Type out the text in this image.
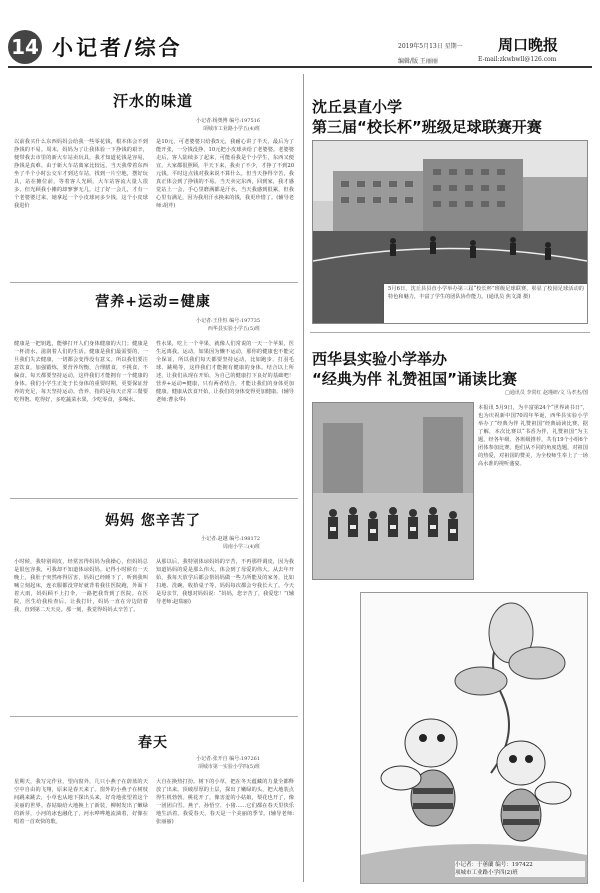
14 小记者/综合	2019年5月13日 星期一 周口晚报
编辑/版 王丽丽	E-mail:zkwbwll@126.com
汗水的味道
小记者:杨奥博 编号:197516
项城市工业路小学五(4)班
以前我买什么东西妈妈会给我一些零花钱，根本体会不到挣钱的不易。周末，妈妈为了让我体验一下挣钱的艰辛，便带我去市里的新大车站卖玩具，我才知道花钱是容易，挣钱是真难。由于新大车站离家比较远，当天我带着东西坐了半个小时公交车才到达车站，找到一片空地，摆好玩具，站在摊位前，等着客人光顾。大车站客流大量人很多，但光顾我小摊的却寥寥无几，过了好一会儿，才有一个老婆婆过来，她拿起一个小皮球问多少钱，这个小皮球我进价
是10元，可老婆婆只给我5元，我耐心讲了半天，最后为了能开张，一分钱没挣，10元把小皮球卖给了老婆婆。老婆婆走后，客人陆续多了起来，可能看我是个小学生，东西又便宜，大家都很照顾，半天下来，我卖了不少，才挣了不到20元钱。平时这点钱对我来说不算什么，但当天挣得辛苦，我真正体会到了挣钱的不易。当天卖完东西，回到家，我才感觉站上一会，手心里磨满都是汗水，当天我感到很累，但我心里有满足，因为我用汗水换来的钱，我更珍惜了。(辅导老师:胡芹)
营养+运动=健康
小记者:王佳恒 编号:197735
西华县实验小学五(5)班
健康是一把钥匙，能够打开人们身体健康的大门；健康是一杯清水，滋润着人们的生活。健康是我们最需要的，一旦我们失去健康，一切都会变得没有意义。所以我们要注意饮食，加强锻炼，要营养均衡，合理膳食，不挑食、不偏食。每天都要坚持运动，这样我们才能拥有一个健康的身体。我们小学生正处于长身体的重要时期，更要保证营养的充足，每天坚持运动。营养，指的是每天正常三餐要吃得饱、吃得好，多吃蔬菜水果，少吃零食，多喝水。
性水果，吃上一个苹果，就像人们常说的一天一个苹果，医生远离我。运动，如果因为懒不运动，那你的健康也不能完全保证，所以我们每天都要坚持运动，比如跑步、打羽毛球、跳绳等，这样我们才能拥有健康的身体。结合以上所述，让我们从现在开始，为自己的健康打下良好的基础吧！营养+运动=健康，只有两者结合，才能让我们的身体更加健康。健康从饮食开始，让我们的身体变得更加健康。(辅导老师:曹永华)
妈妈 您辛苦了
小记者:赵越 编号:198172
周南小学三(4)班
小时候，我特别调皮，经常害得妈妈为我操心，但妈妈总是很包容我，可我却不知道体谅妈妈。记得小时候有一天晚上，我肚子突然疼得厉害，妈妈已经睡下了，听到我叫喊立刻起床，连衣服都没穿好就背着我往医院跑，外面下着大雨，妈妈顾不上打伞，一路把我背到了医院。在医院，医生给我检查后，让我打针，妈妈一直在旁边陪着我，直到第二天天亮。那一刻，我觉得妈妈太辛苦了。
从那以后，我特别体谅妈妈的辛苦，不再那样调皮，因为我知道妈妈的爱是那么伟大，体会到了母爱的伟大。从去年开始，我每天放学后都会帮妈妈做一些力所能及的家务，比如扫地、洗碗、收拾桌子等，妈妈每次都会夸我长大了。今天是母亲节，我想对妈妈说：“妈妈，您辛苦了，我爱您！”(辅导老师:赵瑞丽)
春天
小记者:张开自 编号:197261
项城市第一实验小学四(5)班
星期天，我写完作业，望向窗外，几只小燕子在蔚蓝的天空中自由的飞翔，原来是春天来了。窗外的小燕子在树枝间跳来跳去，小草也从地下探出头来，好奇地张望着这个美丽的世界。春姑娘给大地换上了新装，柳树发出了嫩绿的新芽，小河的冰也融化了，河水哗哗地流淌着，好像在唱着一首欢快的歌。
大自在换热打扮。树下的小草，把在冬天蕴藏的力量全都释放了出来。顶破厚厚的土层，探出了嫩绿的头，把大地装点得生机勃勃。桃花开了，像害羞的小姑娘，梨花也开了，像一团团白雪。燕子、孙悟空、小猪……它们都在春天里快乐地生活着。我爱春天，春天是一个美丽的季节。(辅导老师:张丽丽)
沈丘县直小学
第三届“校长杯”班级足球联赛开赛
5月6日，沈丘县县直小学举办第三届“校长杯”班级足球联赛，彰显了校园足球活动的特色和魅力，丰富了学生的团队协作能力。(通讯员 焦文潇 摄)
西华县实验小学举办
“经典为伴 礼赞祖国”诵读比赛
□通讯员 李常红 赵瑾研/文 马孝杰/图
本报讯 5月9日，为丰富第24个“世界读书日”，也为庆祝新中国70周年华诞，西华县实验小学举办了“经典为伴 礼赞祖国”经典诵读比赛。据了解，本次比赛以“书香为伴，礼赞祖国”为主题，经各年级、各班级推荐，共有19个小组6个团体参加比赛。他们从不同的角度选题，对祖国的热爱，对祖国的赞美，为全校师生奉上了一场高水准的视听盛宴。
小记者：于蕙蘭 编号：197422
项城市工业路小学四(2)班
